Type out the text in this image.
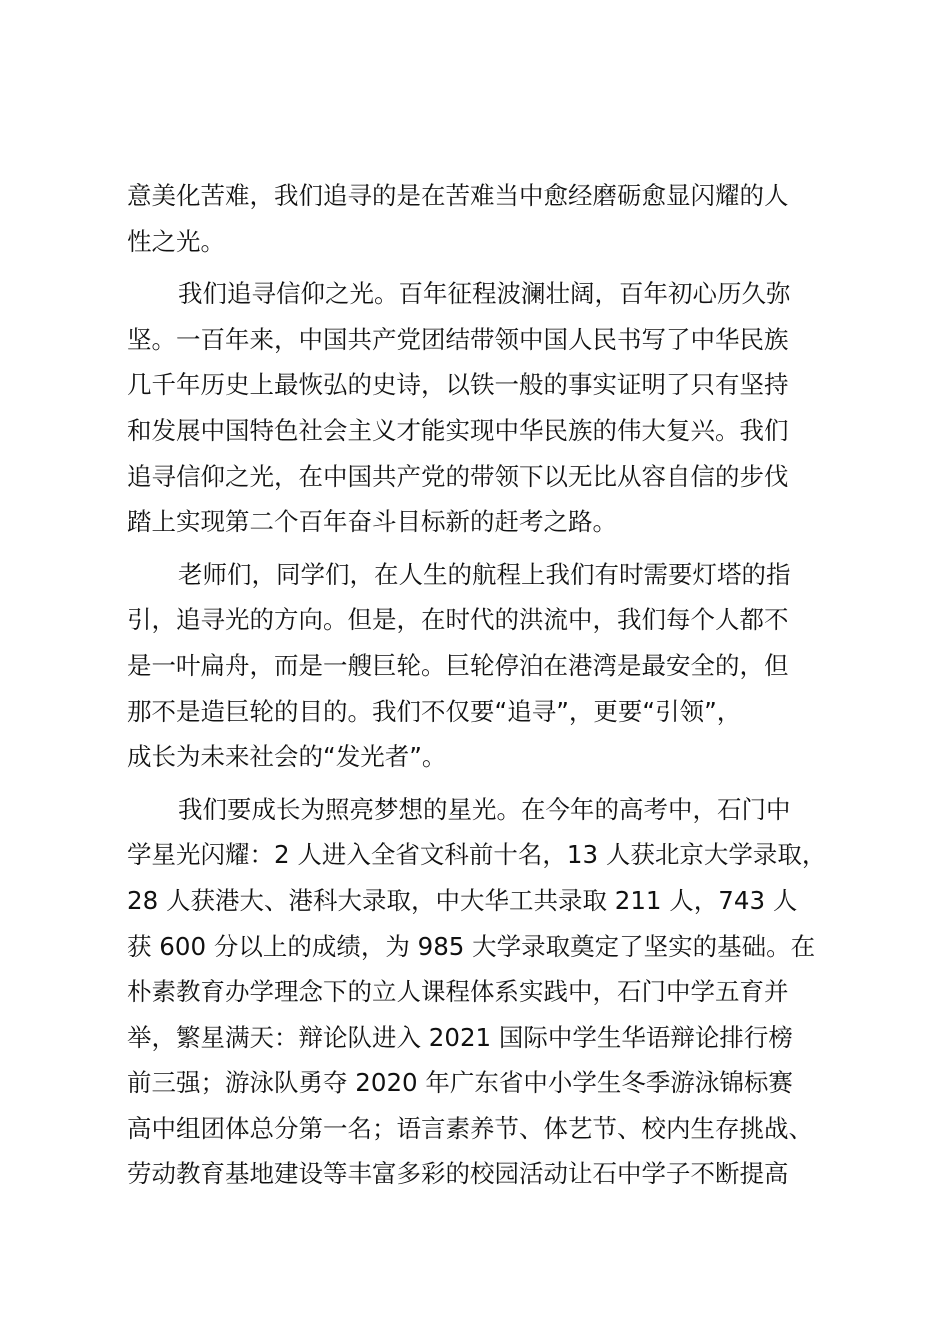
意美化苦难，我们追寻的是在苦难当中愈经磨砺愈显闪耀的人
性之光。
我们追寻信仰之光。百年征程波澜壮阔，百年初心历久弥
坚。一百年来，中国共产党团结带领中国人民书写了中华民族
几千年历史上最恢弘的史诗，以铁一般的事实证明了只有坚持
和发展中国特色社会主义才能实现中华民族的伟大复兴。我们
追寻信仰之光，在中国共产党的带领下以无比从容自信的步伐
踏上实现第二个百年奋斗目标新的赶考之路。
老师们，同学们，在人生的航程上我们有时需要灯塔的指
引，追寻光的方向。但是，在时代的洪流中，我们每个人都不
是一叶扁舟，而是一艘巨轮。巨轮停泊在港湾是最安全的，但
那不是造巨轮的目的。我们不仅要“追寻”，更要“引领”，
成长为未来社会的“发光者”。
我们要成长为照亮梦想的星光。在今年的高考中，石门中
学星光闪耀：2 人进入全省文科前十名，13 人获北京大学录取，
28 人获港大、港科大录取，中大华工共录取 211 人，743 人
获 600 分以上的成绩，为 985 大学录取奠定了坚实的基础。在
朴素教育办学理念下的立人课程体系实践中，石门中学五育并
举，繁星满天：辩论队进入 2021 国际中学生华语辩论排行榜
前三强；游泳队勇夺 2020 年广东省中小学生冬季游泳锦标赛
高中组团体总分第一名；语言素养节、体艺节、校内生存挑战、
劳动教育基地建设等丰富多彩的校园活动让石中学子不断提高
